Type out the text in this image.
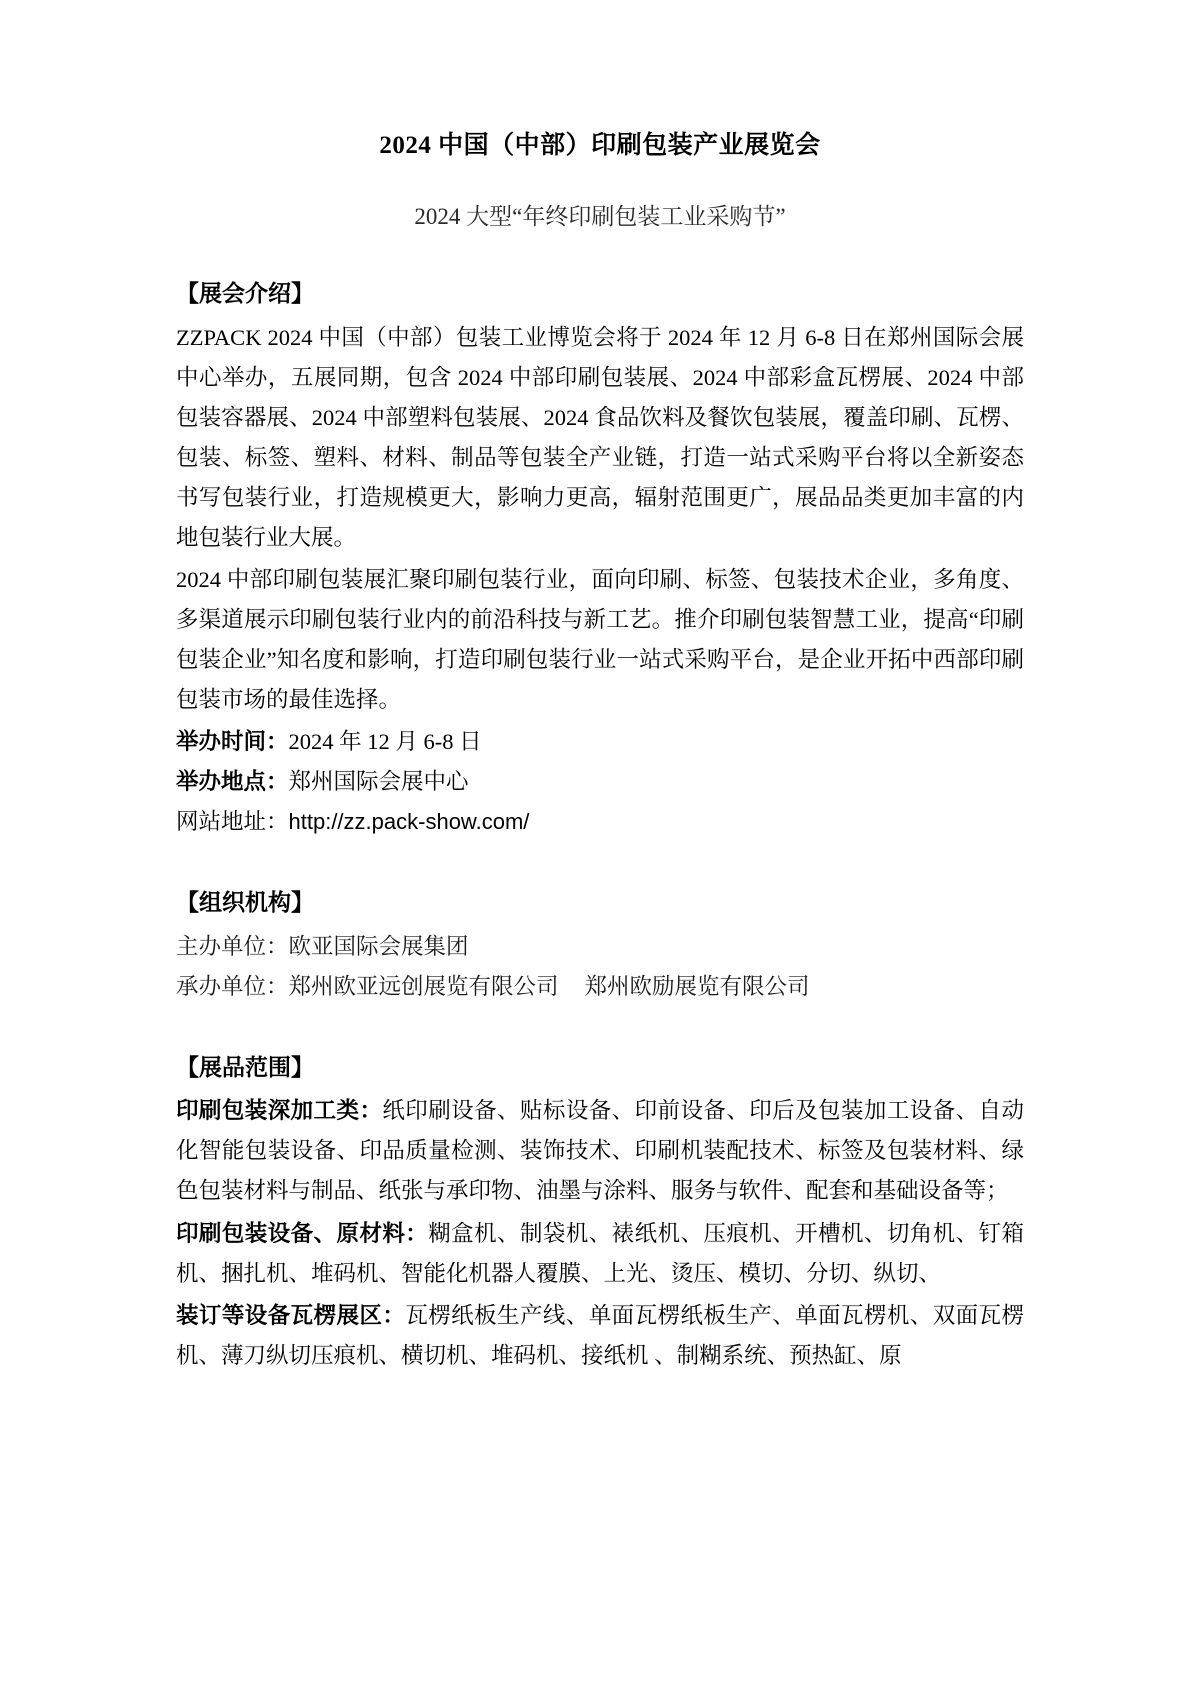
2024 中国（中部）印刷包装产业展览会
2024 大型“年终印刷包装工业采购节”
【展会介绍】

ZZPACK 2024 中国（中部）包装工业博览会将于 2024 年 12 月 6-8 日在郑州国际会展中心举办，五展同期，包含 2024 中部印刷包装展、2024 中部彩盒瓦楞展、2024 中部包装容器展、2024 中部塑料包装展、2024 食品饮料及餐饮包装展，覆盖印刷、瓦楞、包装、标签、塑料、材料、制品等包装全产业链，打造一站式采购平台将以全新姿态书写包装行业，打造规模更大，影响力更高，辐射范围更广，展品品类更加丰富的内地包装行业大展。

2024 中部印刷包装展汇聚印刷包装行业，面向印刷、标签、包装技术企业，多角度、多渠道展示印刷包装行业内的前沿科技与新工艺。推介印刷包装智慧工业，提高“印刷包装企业”知名度和影响，打造印刷包装行业一站式采购平台，是企业开拓中西部印刷包装市场的最佳选择。

举办时间：2024 年 12 月 6-8 日

举办地点：郑州国际会展中心

网站地址：http://zz.pack-show.com/

【组织机构】

主办单位：欧亚国际会展集团

承办单位：郑州欧亚远创展览有限公司 郑州欧励展览有限公司

【展品范围】

印刷包装深加工类：纸印刷设备、贴标设备、印前设备、印后及包装加工设备、自动化智能包装设备、印品质量检测、装饰技术、印刷机装配技术、标签及包装材料、绿色包装材料与制品、纸张与承印物、油墨与涂料、服务与软件、配套和基础设备等；

印刷包装设备、原材料：糊盒机、制袋机、裱纸机、压痕机、开槽机、切角机、钉箱机、捆扎机、堆码机、智能化机器人覆膜、上光、烫压、模切、分切、纵切、

装订等设备瓦楞展区：瓦楞纸板生产线、单面瓦楞纸板生产、单面瓦楞机、双面瓦楞机、薄刀纵切压痕机、横切机、堆码机、接纸机 、制糊系统、预热缸、原
